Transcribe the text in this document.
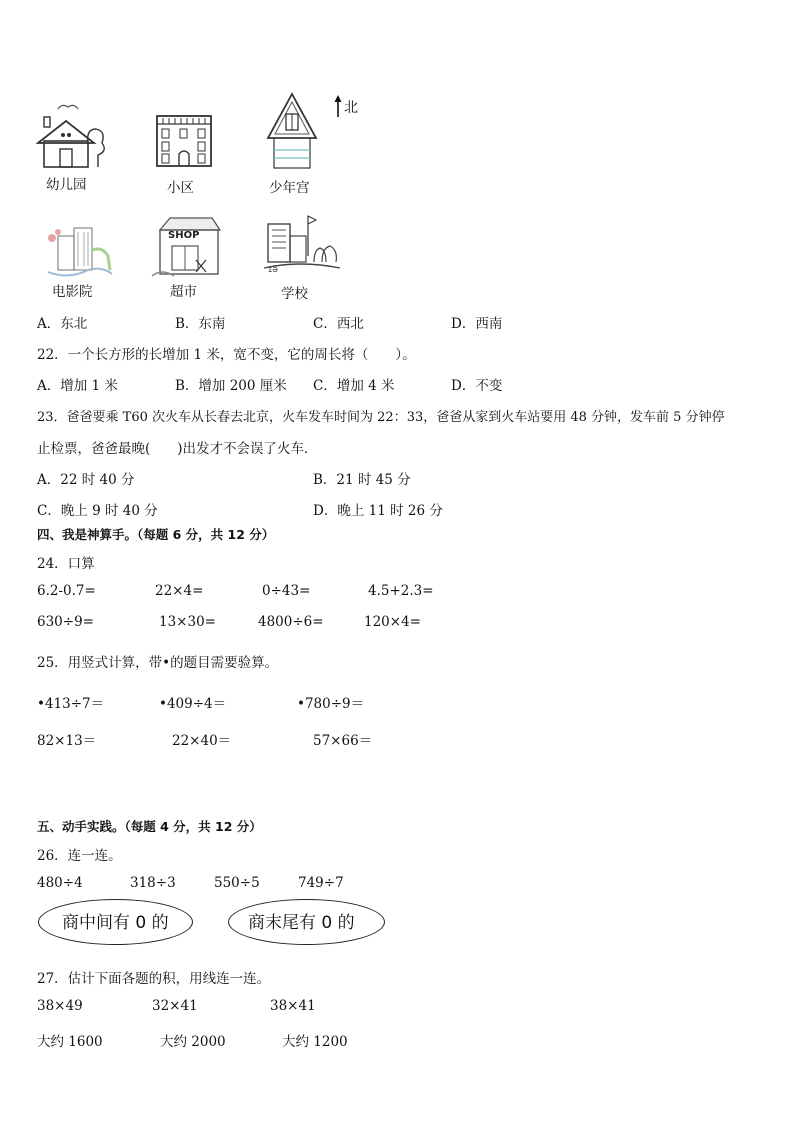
北
幼儿园	小区	少年宫
电影院
SHOP
超市
ƩƏ
学校
A．东北	B．东南	C．西北	D．西南
22．一个长方形的长增加 1 米，宽不变，它的周长将（　　）。
A．增加 1 米	B．增加 200 厘米 C．增加 4 米	D．不变
23．爸爸要乘 T60 次火车从长春去北京，火车发车时间为 22：33，爸爸从家到火车站要用 48 分钟，发车前 5 分钟停
止检票，爸爸最晚(　　)出发才不会误了火车．
A．22 时 40 分	B．21 时 45 分
C．晚上 9 时 40 分	D．晚上 11 时 26 分
四、我是神算手。（每题 6 分，共 12 分）
24．口算
6.2-0.7=	22×4=	0÷43=	4.5+2.3=
630÷9=	13×30=	4800÷6=	120×4=
25．用竖式计算，带•的题目需要验算。
•413÷7＝	•409÷4＝	•780÷9＝
82×13＝	22×40＝	57×66＝
五、动手实践。（每题 4 分，共 12 分）
26．连一连。
480÷4	318÷3	550÷5	749÷7
商中间有 0 的	商末尾有 0 的
27．估计下面各题的积，用线连一连。
38×49	32×41	38×41
大约 1600	大约 2000	大约 1200
